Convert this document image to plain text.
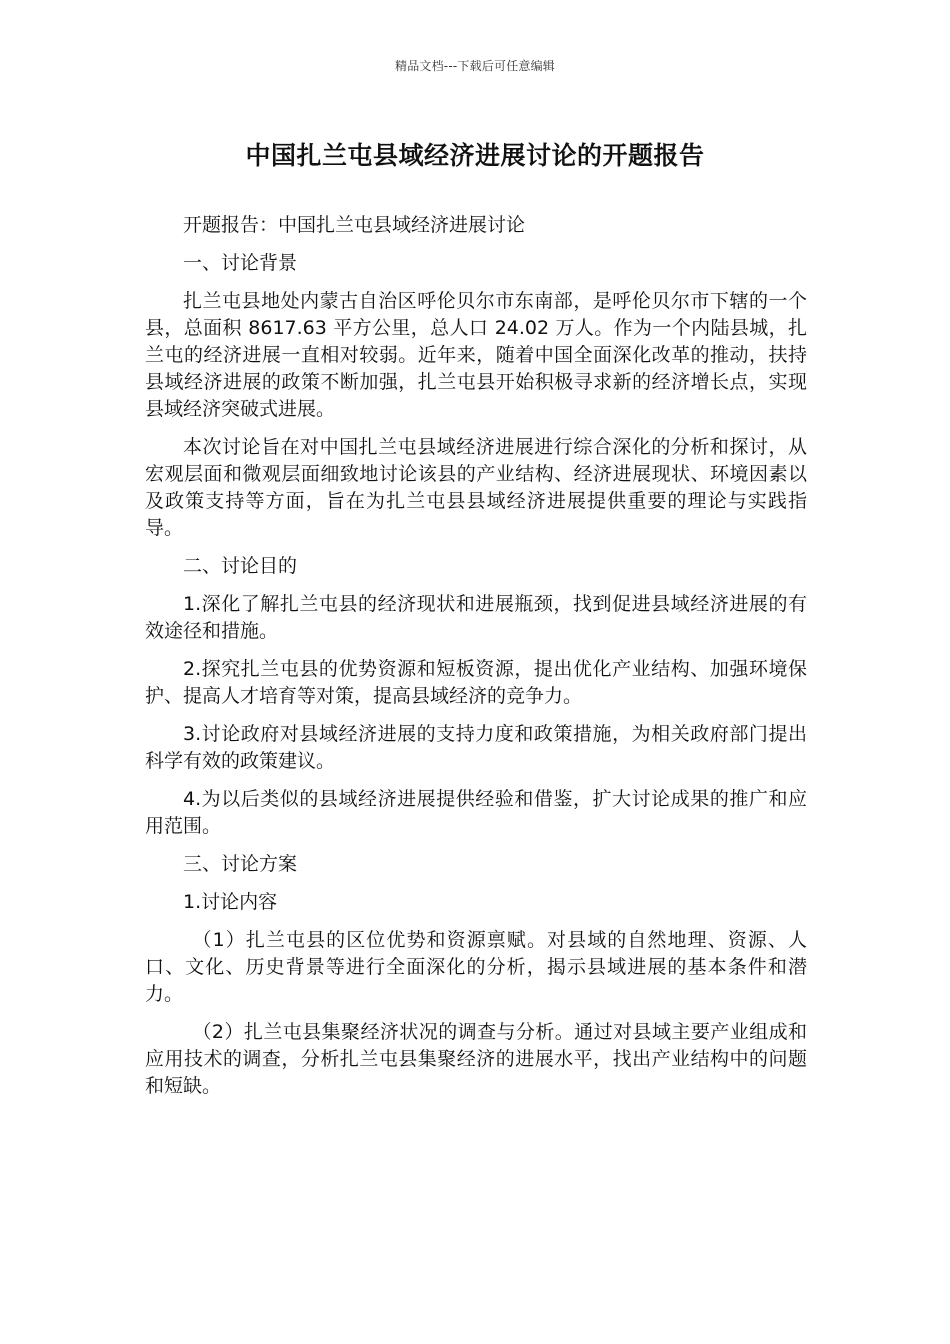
精品文档---下载后可任意编辑
中国扎兰屯县域经济进展讨论的开题报告

开题报告：中国扎兰屯县域经济进展讨论

一、讨论背景

扎兰屯县地处内蒙古自治区呼伦贝尔市东南部，是呼伦贝尔市下辖的一个县，总面积 8617.63 平方公里，总人口 24.02 万人。作为一个内陆县城，扎兰屯的经济进展一直相对较弱。近年来，随着中国全面深化改革的推动，扶持县域经济进展的政策不断加强，扎兰屯县开始积极寻求新的经济增长点，实现县域经济突破式进展。

本次讨论旨在对中国扎兰屯县域经济进展进行综合深化的分析和探讨，从宏观层面和微观层面细致地讨论该县的产业结构、经济进展现状、环境因素以及政策支持等方面，旨在为扎兰屯县县域经济进展提供重要的理论与实践指导。

二、讨论目的

1.深化了解扎兰屯县的经济现状和进展瓶颈，找到促进县域经济进展的有效途径和措施。

2.探究扎兰屯县的优势资源和短板资源，提出优化产业结构、加强环境保护、提高人才培育等对策，提高县域经济的竞争力。

3.讨论政府对县域经济进展的支持力度和政策措施，为相关政府部门提出科学有效的政策建议。

4.为以后类似的县域经济进展提供经验和借鉴，扩大讨论成果的推广和应用范围。

三、讨论方案

1.讨论内容

（1）扎兰屯县的区位优势和资源禀赋。对县域的自然地理、资源、人口、文化、历史背景等进行全面深化的分析，揭示县域进展的基本条件和潜力。

（2）扎兰屯县集聚经济状况的调查与分析。通过对县域主要产业组成和应用技术的调查，分析扎兰屯县集聚经济的进展水平，找出产业结构中的问题和短缺。
